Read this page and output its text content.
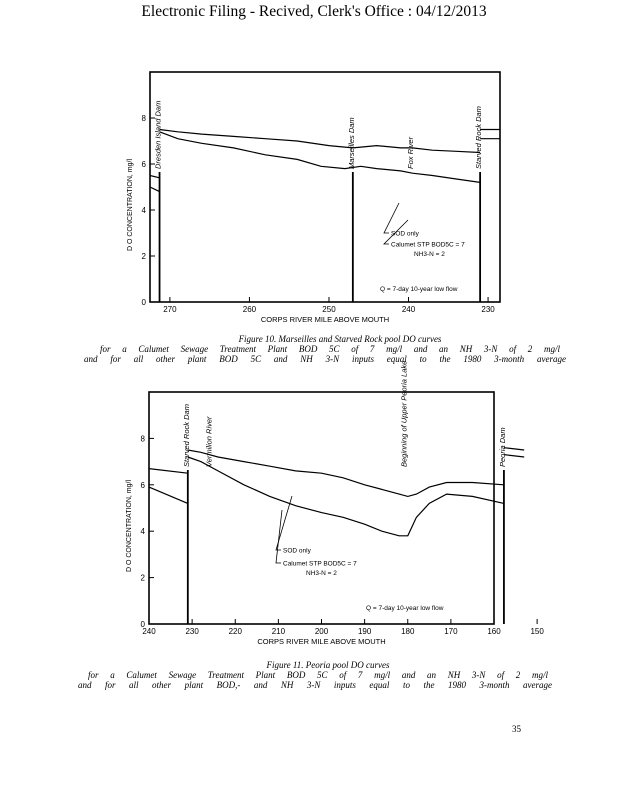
Electronic Filing - Recived, Clerk's Office : 04/12/2013
0
2
4
6
8
270	260	250	240	230
CORPS RIVER MILE ABOVE MOUTH
D O CONCENTRATION, mg/l
Dresden Island Dam	Marseilles Dam	Starved Rock Dam
Fox River
SOD only
Calumet STP BOD5C = 7
NH3-N = 2
Q = 7-day 10-year low flow
Figure 10. Marseilles and Starved Rock pool DO curves
for a Calumet Sewage Treatment Plant BOD 5C of 7 mg/l and an NH 3-N of 2 mg/l
and for all other plant BOD 5C and NH 3-N inputs equal to the 1980 3-month average
0
2
4
6
8
240	230	220	210	200	190	180	170	160	150
CORPS RIVER MILE ABOVE MOUTH
D O CONCENTRATION, mg/l
Starved Rock Dam	Peoria Dam
Vermilion River	Beginning of Upper Peoria Lake
SOD only
Calumet STP BOD5C = 7
NH3-N = 2
Q = 7-day 10-year low flow
Figure 11. Peoria pool DO curves
for a Calumet Sewage Treatment Plant BOD 5C of 7 mg/l and an NH 3-N of 2 mg/l
and for all other plant BOD,- and NH 3-N inputs equal to the 1980 3-month average
35
